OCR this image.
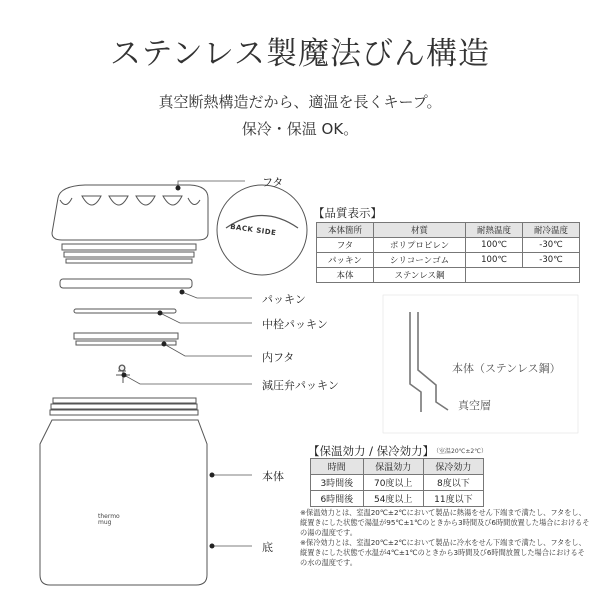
ステンレス製魔法びん構造
真空断熱構造だから、適温を長くキープ。
保冷・保温 OK。
BACK SIDE
thermo mug
フタ
パッキン
中栓パッキン
内フタ
減圧弁パッキン
本体
底
【品質表示】
本体箇所	材質	耐熱温度	耐冷温度
フタ	ポリプロピレン	100℃	-30℃
パッキン	シリコーンゴム	100℃	-30℃
本体	ステンレス鋼		
本体（ステンレス鋼）
真空層
【保温効力 / 保冷効力】
（室温20℃±2℃）
時間	保温効力	保冷効力
3時間後	70度以上	8度以下
6時間後	54度以上	11度以下
※保温効力とは、室温20℃±2℃において製品に熱湯をせん下端まで満たし、フタをし、縦置きにした状態で湯温が95℃±1℃のときから3時間及び6時間放置した場合におけるその湯の温度です。
※保冷効力とは、室温20℃±2℃において製品に冷水をせん下端まで満たし、フタをし、縦置きにした状態で水温が4℃±1℃のときから3時間及び6時間放置した場合におけるその水の温度です。
